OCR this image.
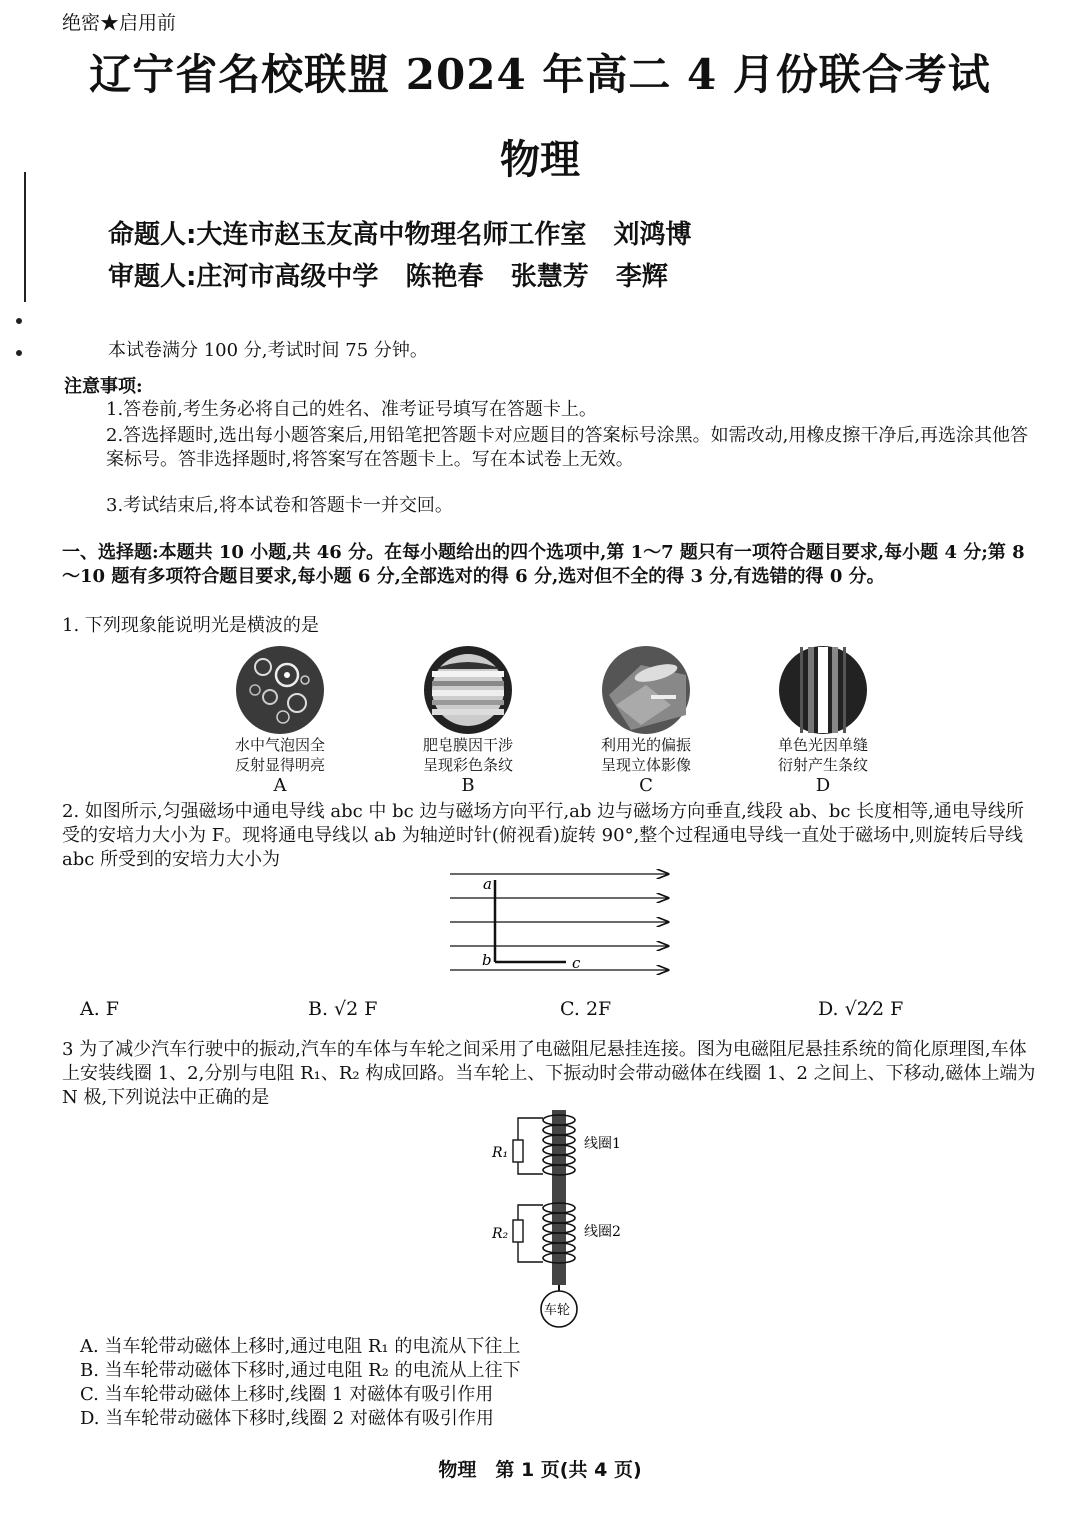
绝密★启用前
辽宁省名校联盟 2024 年高二 4 月份联合考试
物理
命题人:大连市赵玉友高中物理名师工作室   刘鸿博
审题人:庄河市高级中学   陈艳春   张慧芳   李辉
本试卷满分 100 分,考试时间 75 分钟。
注意事项:
1.答卷前,考生务必将自己的姓名、准考证号填写在答题卡上。
2.答选择题时,选出每小题答案后,用铅笔把答题卡对应题目的答案标号涂黑。如需改动,用橡皮擦干净后,再选涂其他答案标号。答非选择题时,将答案写在答题卡上。写在本试卷上无效。
3.考试结束后,将本试卷和答题卡一并交回。
一、选择题:本题共 10 小题,共 46 分。在每小题给出的四个选项中,第 1～7 题只有一项符合题目要求,每小题 4 分;第 8～10 题有多项符合题目要求,每小题 6 分,全部选对的得 6 分,选对但不全的得 3 分,有选错的得 0 分。
1. 下列现象能说明光是横波的是
水中气泡因全
反射显得明亮
肥皂膜因干涉
呈现彩色条纹
利用光的偏振
呈现立体影像
单色光因单缝
衍射产生条纹
A	B	C	D
2. 如图所示,匀强磁场中通电导线 abc 中 bc 边与磁场方向平行,ab 边与磁场方向垂直,线段 ab、bc 长度相等,通电导线所受的安培力大小为 F。现将通电导线以 ab 为轴逆时针(俯视看)旋转 90°,整个过程通电导线一直处于磁场中,则旋转后导线 abc 所受到的安培力大小为
a
b	c
A. F	B. √2 F	C. 2F	D. √2⁄2 F
3 为了减少汽车行驶中的振动,汽车的车体与车轮之间采用了电磁阻尼悬挂连接。图为电磁阻尼悬挂系统的简化原理图,车体上安装线圈 1、2,分别与电阻 R₁、R₂ 构成回路。当车轮上、下振动时会带动磁体在线圈 1、2 之间上、下移动,磁体上端为 N 极,下列说法中正确的是
R₁
R₂
线圈1
线圈2
车轮
A. 当车轮带动磁体上移时,通过电阻 R₁ 的电流从下往上
B. 当车轮带动磁体下移时,通过电阻 R₂ 的电流从上往下
C. 当车轮带动磁体上移时,线圈 1 对磁体有吸引作用
D. 当车轮带动磁体下移时,线圈 2 对磁体有吸引作用
物理　第 1 页(共 4 页)
